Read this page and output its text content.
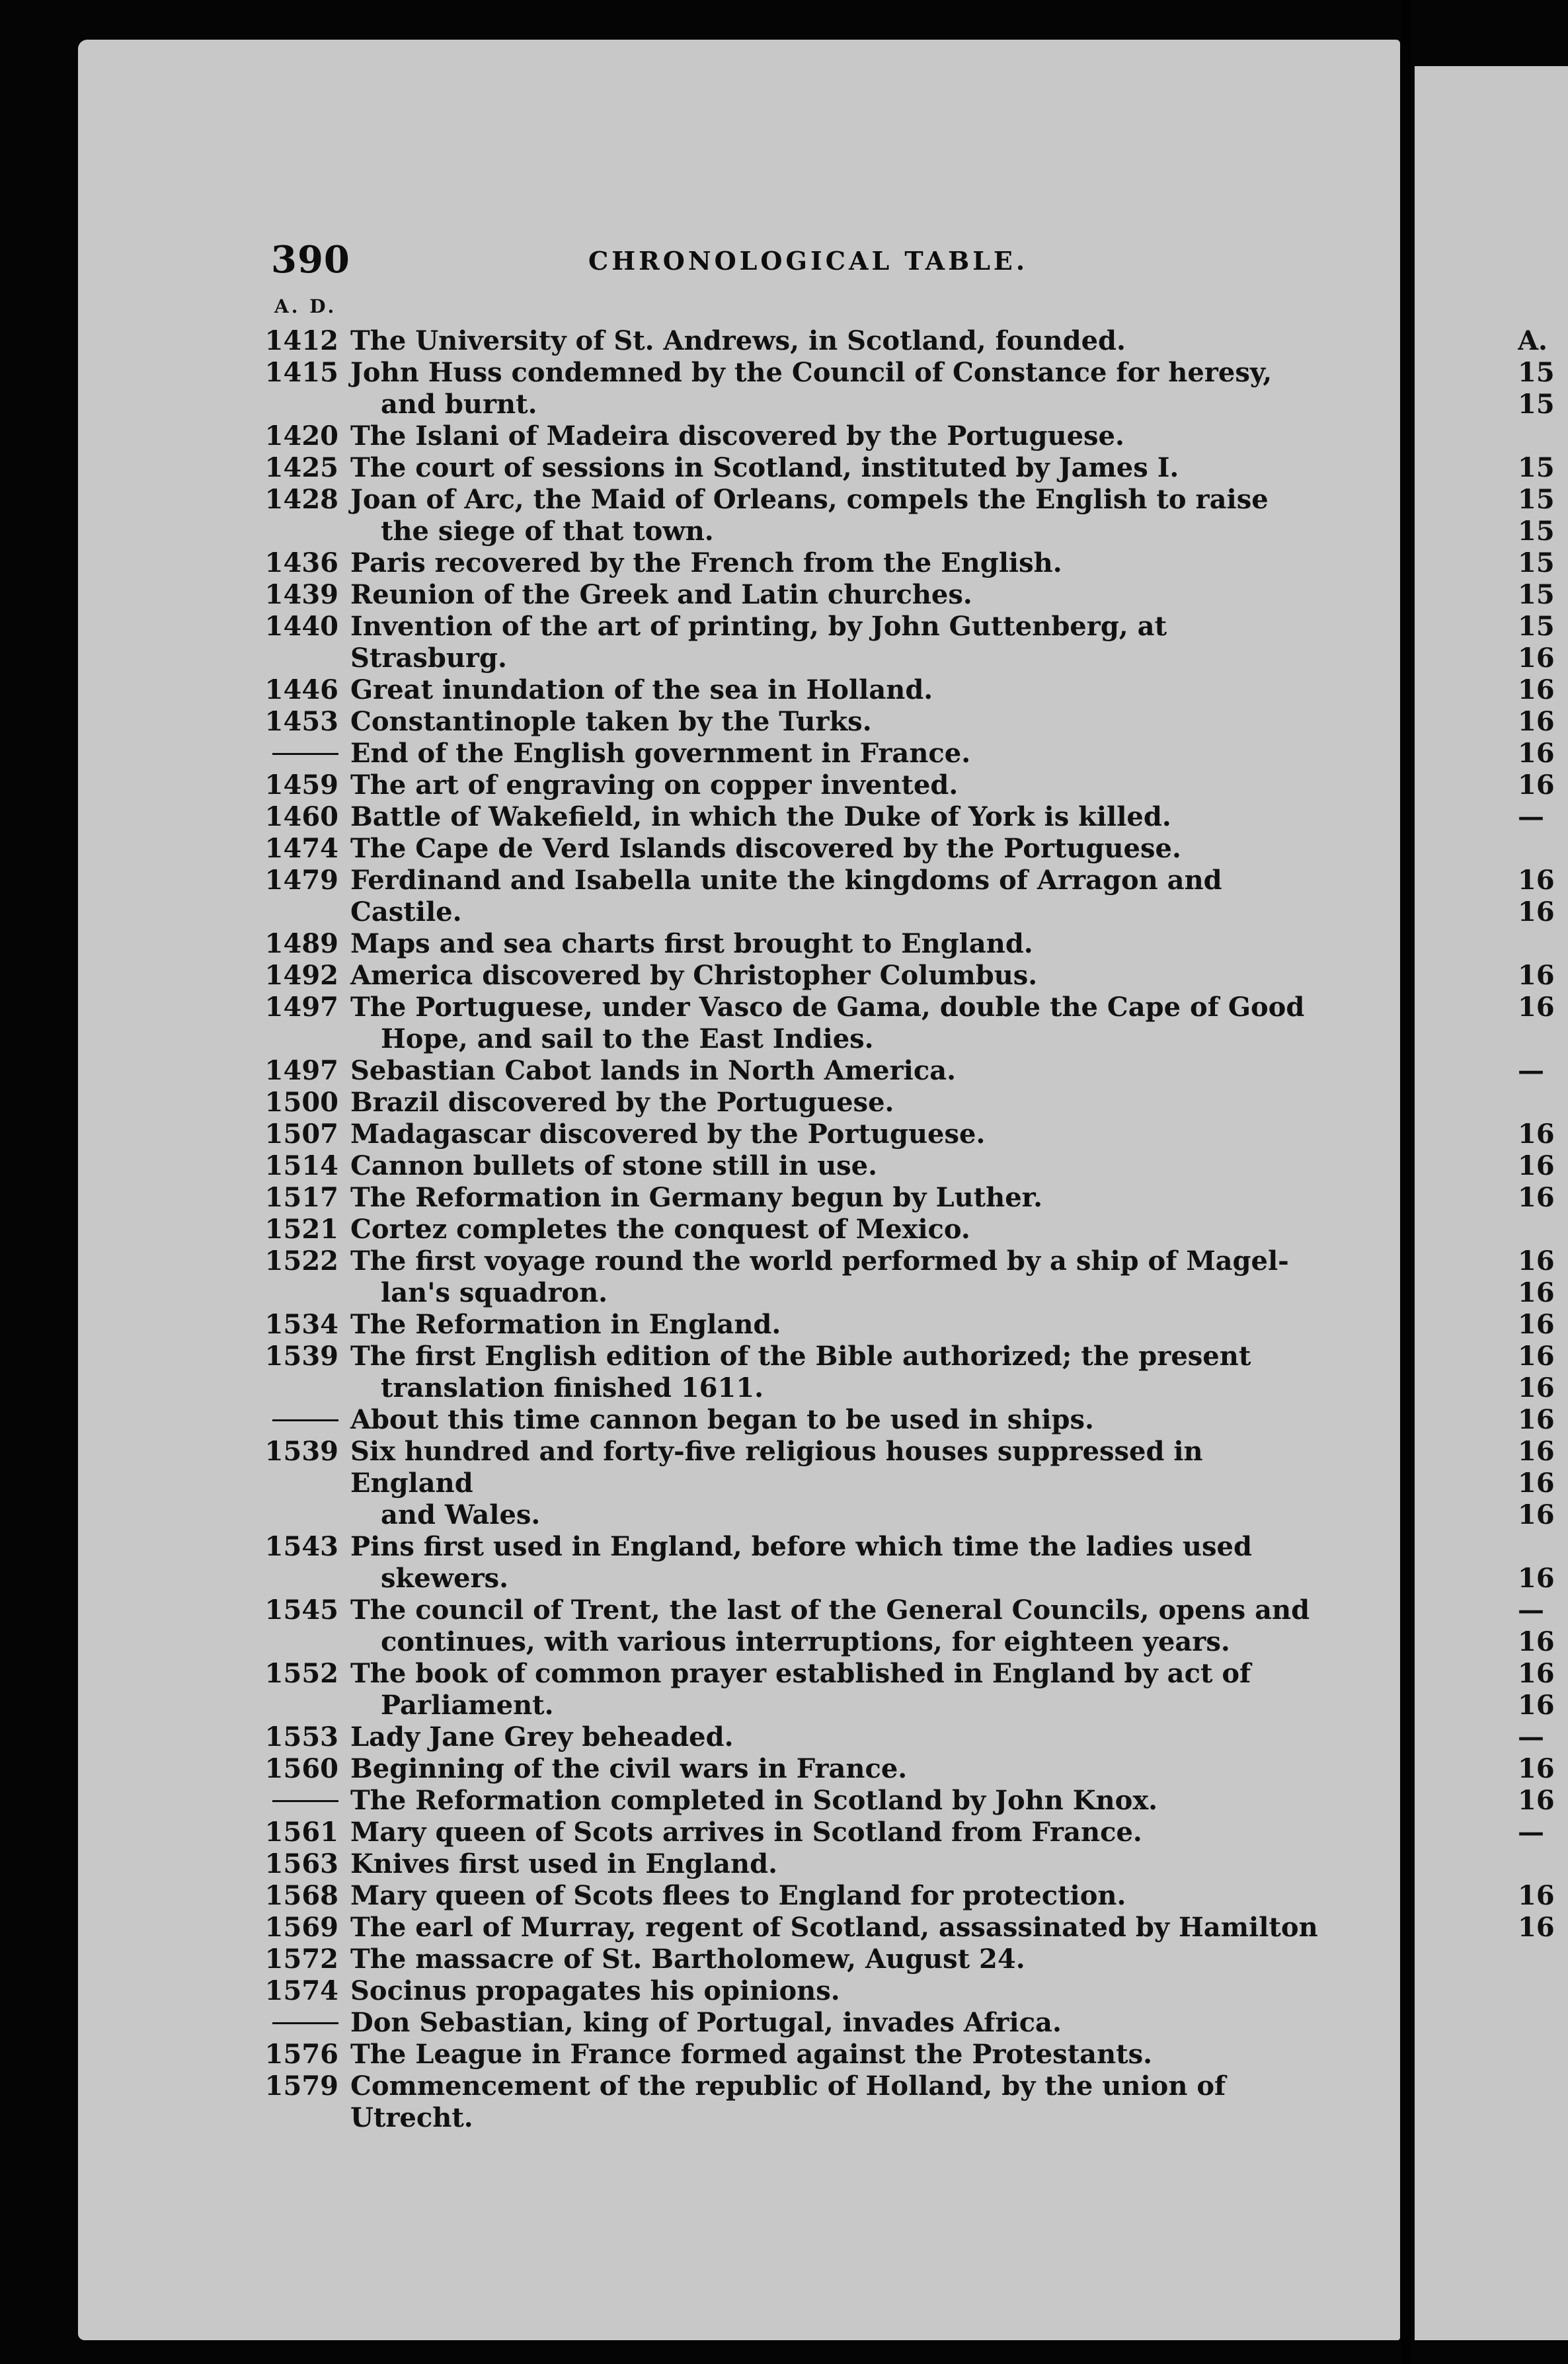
390	CHRONOLOGICAL TABLE.
A. D.
1412 The University of St. Andrews, in Scotland, founded.
1415 John Huss condemned by the Council of Constance for heresy,
and burnt.
1420 The Islani of Madeira discovered by the Portuguese.
1425 The court of sessions in Scotland, instituted by James I.
1428 Joan of Arc, the Maid of Orleans, compels the English to raise
the siege of that town.
1436 Paris recovered by the French from the English.
1439 Reunion of the Greek and Latin churches.
1440 Invention of the art of printing, by John Guttenberg, at Strasburg.
1446 Great inundation of the sea in Holland.
1453 Constantinople taken by the Turks.
End of the English government in France.
1459 The art of engraving on copper invented.
1460 Battle of Wakefield, in which the Duke of York is killed.
1474 The Cape de Verd Islands discovered by the Portuguese.
1479 Ferdinand and Isabella unite the kingdoms of Arragon and Castile.
1489 Maps and sea charts first brought to England.
1492 America discovered by Christopher Columbus.
1497 The Portuguese, under Vasco de Gama, double the Cape of Good
Hope, and sail to the East Indies.
1497 Sebastian Cabot lands in North America.
1500 Brazil discovered by the Portuguese.
1507 Madagascar discovered by the Portuguese.
1514 Cannon bullets of stone still in use.
1517 The Reformation in Germany begun by Luther.
1521 Cortez completes the conquest of Mexico.
1522 The first voyage round the world performed by a ship of Magel-
lan's squadron.
1534 The Reformation in England.
1539 The first English edition of the Bible authorized; the present
translation finished 1611.
About this time cannon began to be used in ships.
1539 Six hundred and forty-five religious houses suppressed in England
and Wales.
1543 Pins first used in England, before which time the ladies used
skewers.
1545 The council of Trent, the last of the General Councils, opens and
continues, with various interruptions, for eighteen years.
1552 The book of common prayer established in England by act of
Parliament.
1553 Lady Jane Grey beheaded.
1560 Beginning of the civil wars in France.
The Reformation completed in Scotland by John Knox.
1561 Mary queen of Scots arrives in Scotland from France.
1563 Knives first used in England.
1568 Mary queen of Scots flees to England for protection.
1569 The earl of Murray, regent of Scotland, assassinated by Hamilton
1572 The massacre of St. Bartholomew, August 24.
1574 Socinus propagates his opinions.
Don Sebastian, king of Portugal, invades Africa.
1576 The League in France formed against the Protestants.
1579 Commencement of the republic of Holland, by the union of Utrecht.
A.
15
15
15
15
15
15
15
15
16
16
16
16
16
—
16
16
16
16
—
16
16
16
16
16
16
16
16
16
16
16
16
16
—
16
16
16
—
16
16
—
16
16
